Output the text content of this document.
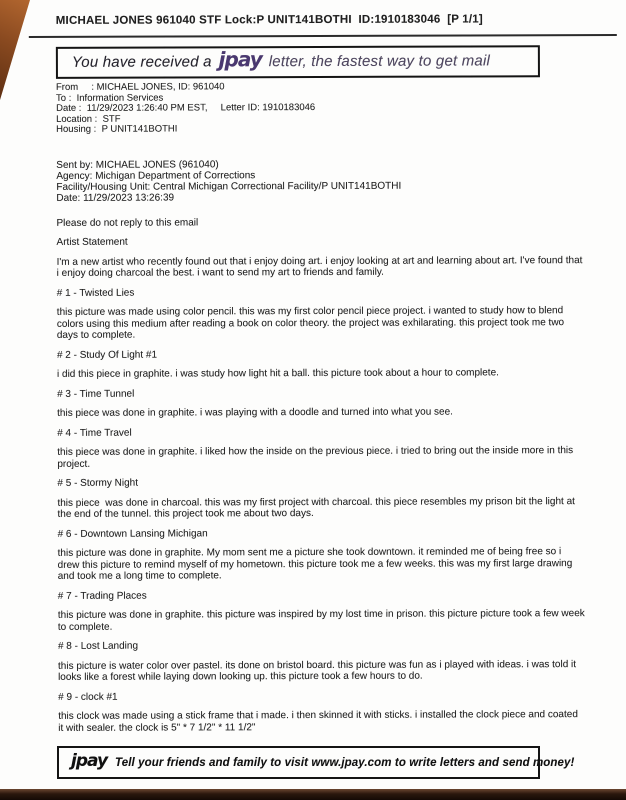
MICHAEL JONES 961040 STF Lock:P UNIT141BOTHI  ID:1910183046  [P 1/1]
You have received a jpay letter, the fastest way to get mail
From     : MICHAEL JONES, ID: 961040
To :  Information Services
Date :  11/29/2023 1:26:40 PM EST,     Letter ID: 1910183046
Location :  STF
Housing :  P UNIT141BOTHI
Sent by: MICHAEL JONES (961040)
Agency: Michigan Department of Corrections
Facility/Housing Unit: Central Michigan Correctional Facility/P UNIT141BOTHI
Date: 11/29/2023 13:26:39

Please do not reply to this email

Artist Statement

I'm a new artist who recently found out that i enjoy doing art. i enjoy looking at art and learning about art. I've found that i enjoy doing charcoal the best. i want to send my art to friends and family.

# 1 - Twisted Lies

this picture was made using color pencil. this was my first color pencil piece project. i wanted to study how to blend colors using this medium after reading a book on color theory. the project was exhilarating. this project took me two days to complete.

# 2 - Study Of Light #1

i did this piece in graphite. i was study how light hit a ball. this picture took about a hour to complete.

# 3 - Time Tunnel

this piece was done in graphite. i was playing with a doodle and turned into what you see.

# 4 - Time Travel

this piece was done in graphite. i liked how the inside on the previous piece. i tried to bring out the inside more in this project.

# 5 - Stormy Night

this piece  was done in charcoal. this was my first project with charcoal. this piece resembles my prison bit the light at the end of the tunnel. this project took me about two days.

# 6 - Downtown Lansing Michigan

this picture was done in graphite. My mom sent me a picture she took downtown. it reminded me of being free so i drew this picture to remind myself of my hometown. this picture took me a few weeks. this was my first large drawing and took me a long time to complete.

# 7 - Trading Places

this picture was done in graphite. this picture was inspired by my lost time in prison. this picture picture took a few week to complete.

# 8 - Lost Landing

this picture is water color over pastel. its done on bristol board. this picture was fun as i played with ideas. i was told it looks like a forest while laying down looking up. this picture took a few hours to do.

# 9 - clock #1

this clock was made using a stick frame that i made. i then skinned it with sticks. i installed the clock piece and coated it with sealer. the clock is 5" * 7 1/2" * 11 1/2"

jpay Tell your friends and family to visit www.jpay.com to write letters and send money!
